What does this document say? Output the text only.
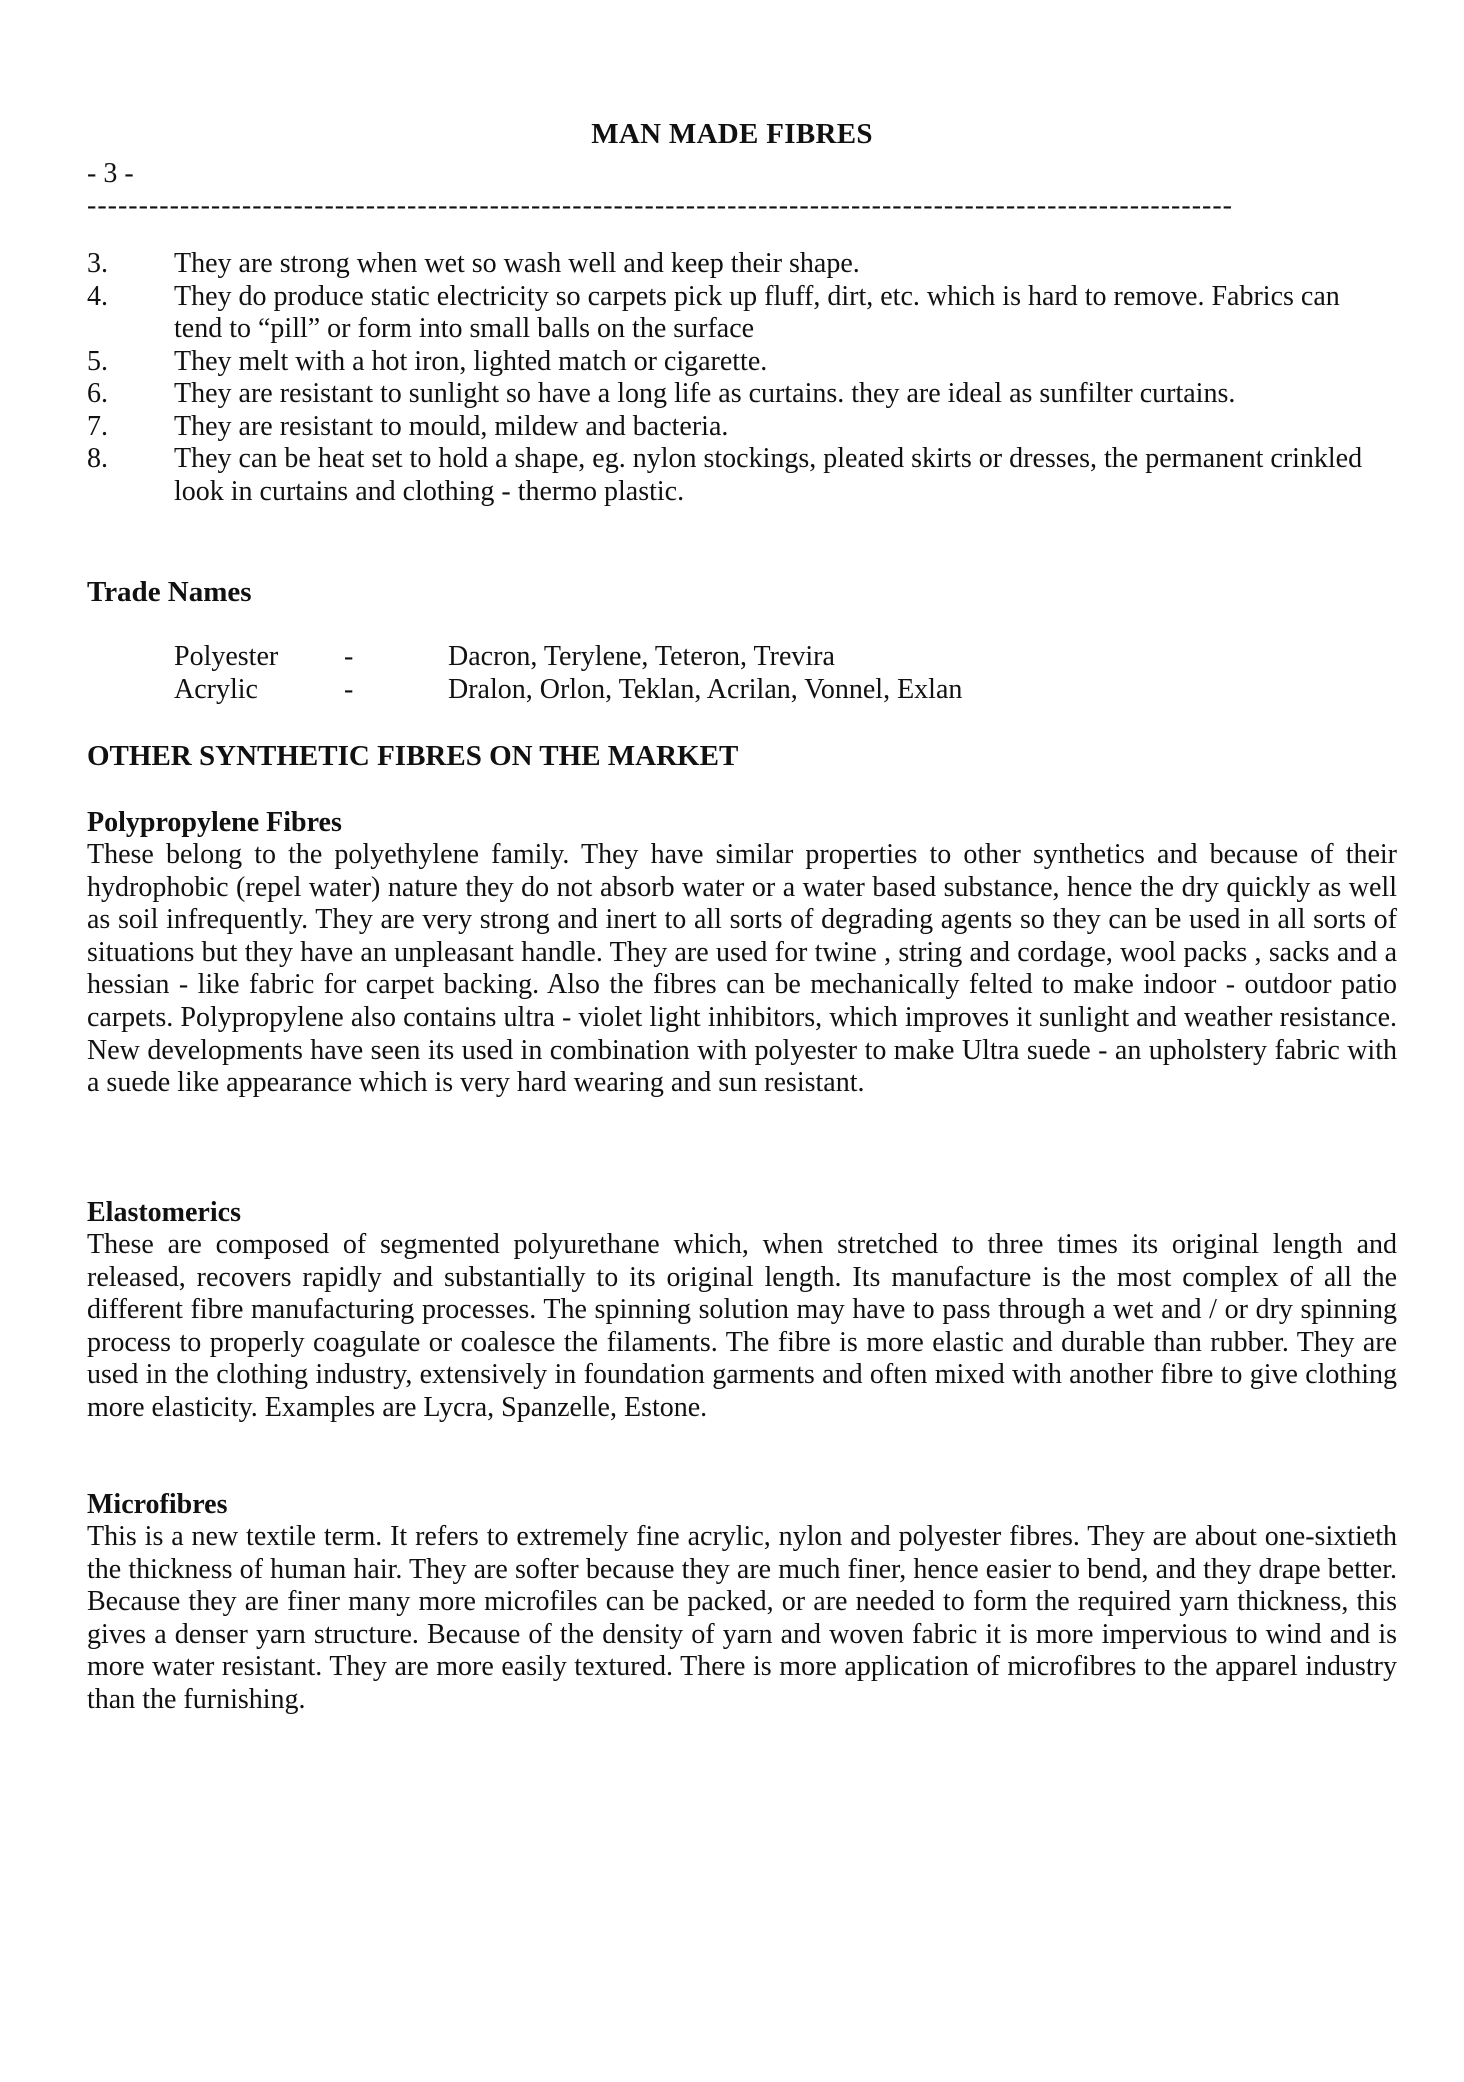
MAN MADE FIBRES
- 3 -
---------------------------------------------------------------------------------------------------------------
3.	They are strong when wet so wash well and keep their shape.
4.	They do produce static electricity so carpets pick up fluff, dirt, etc. which is hard to remove. Fabrics can tend to “pill” or form into small balls on the surface
5.	They melt with a hot iron, lighted match or cigarette.
6.	They are resistant to sunlight so have a long life as curtains. they are ideal as sunfilter curtains.
7.	They are resistant to mould, mildew and bacteria.
8.	They can be heat set to hold a shape, eg. nylon stockings, pleated skirts or dresses, the permanent crinkled look in curtains and clothing - thermo plastic.
Trade Names
Polyester	-	Dacron, Terylene, Teteron, Trevira
Acrylic	-	Dralon, Orlon, Teklan, Acrilan, Vonnel, Exlan
OTHER SYNTHETIC FIBRES ON THE MARKET
Polypropylene Fibres

These belong to the polyethylene family. They have similar properties to other synthetics and because of their hydrophobic (repel water) nature they do not absorb water or a water based substance, hence the dry quickly as well as soil infrequently. They are very strong and inert to all sorts of degrading agents so they can be used in all sorts of situations but they have an unpleasant handle. They are used for twine , string and cordage, wool packs , sacks and a hessian - like fabric for carpet backing. Also the fibres can be mechanically felted to make indoor - outdoor patio carpets. Polypropylene also contains ultra - violet light inhibitors, which improves it sunlight and weather resistance. New developments have seen its used in combination with polyester to make Ultra suede - an upholstery fabric with a suede like appearance which is very hard wearing and sun resistant.

Elastomerics

These are composed of segmented polyurethane which, when stretched to three times its original length and released, recovers rapidly and substantially to its original length. Its manufacture is the most complex of all the different fibre manufacturing processes. The spinning solution may have to pass through a wet and / or dry spinning process to properly coagulate or coalesce the filaments. The fibre is more elastic and durable than rubber. They are used in the clothing industry, extensively in foundation garments and often mixed with another fibre to give clothing more elasticity. Examples are Lycra, Spanzelle, Estone.

Microfibres

This is a new textile term. It refers to extremely fine acrylic, nylon and polyester fibres. They are about one-sixtieth the thickness of human hair. They are softer because they are much finer, hence easier to bend, and they drape better. Because they are finer many more microfiles can be packed, or are needed to form the required yarn thickness, this gives a denser yarn structure. Because of the density of yarn and woven fabric it is more impervious to wind and is more water resistant. They are more easily textured. There is more application of microfibres to the apparel industry than the furnishing.
